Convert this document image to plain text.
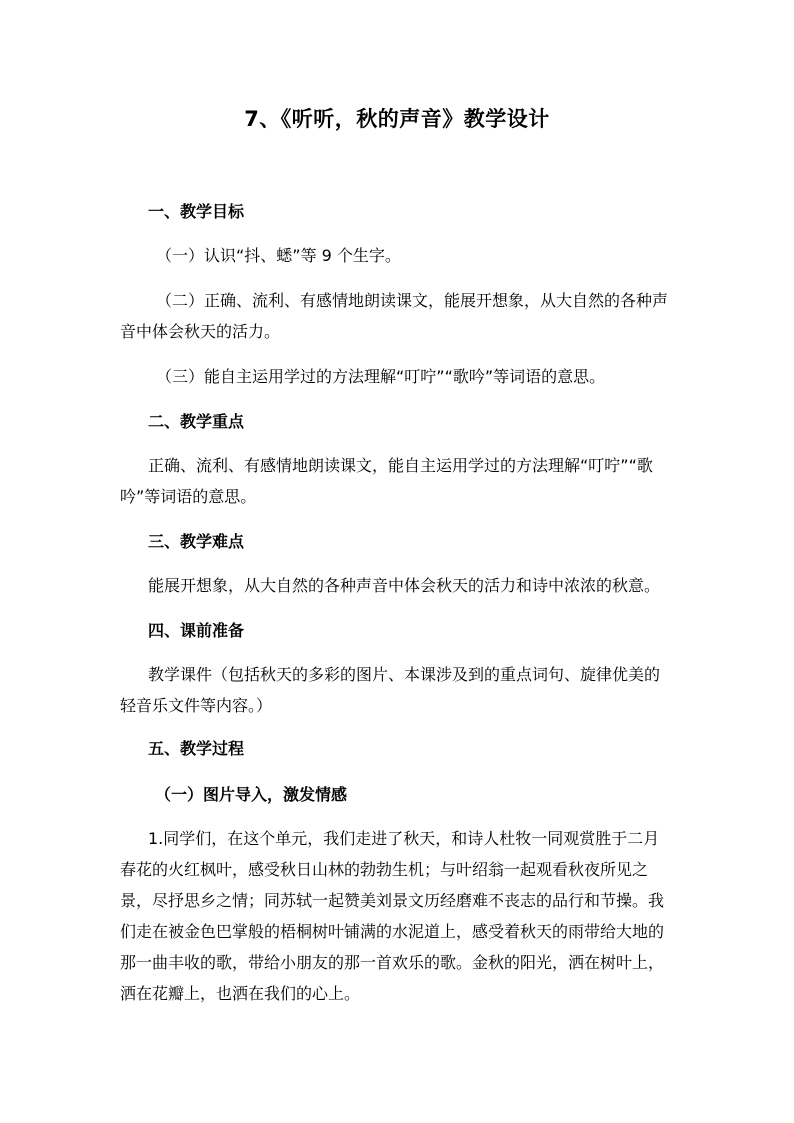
7、《听听，秋的声音》教学设计
一、教学目标
（一）认识“抖、蟋”等 9 个生字。
（二）正确、流利、有感情地朗读课文，能展开想象，从大自然的各种声
音中体会秋天的活力。
（三）能自主运用学过的方法理解“叮咛”“歌吟”等词语的意思。
二、教学重点
正确、流利、有感情地朗读课文，能自主运用学过的方法理解“叮咛”“歌
吟”等词语的意思。
三、教学难点
能展开想象，从大自然的各种声音中体会秋天的活力和诗中浓浓的秋意。
四、课前准备
教学课件（包括秋天的多彩的图片、本课涉及到的重点词句、旋律优美的
轻音乐文件等内容。）
五、教学过程
（一）图片导入，激发情感
1.同学们，在这个单元，我们走进了秋天，和诗人杜牧一同观赏胜于二月
春花的火红枫叶，感受秋日山林的勃勃生机；与叶绍翁一起观看秋夜所见之
景，尽抒思乡之情；同苏轼一起赞美刘景文历经磨难不丧志的品行和节操。我
们走在被金色巴掌般的梧桐树叶铺满的水泥道上，感受着秋天的雨带给大地的
那一曲丰收的歌，带给小朋友的那一首欢乐的歌。金秋的阳光，洒在树叶上，
洒在花瓣上，也洒在我们的心上。
